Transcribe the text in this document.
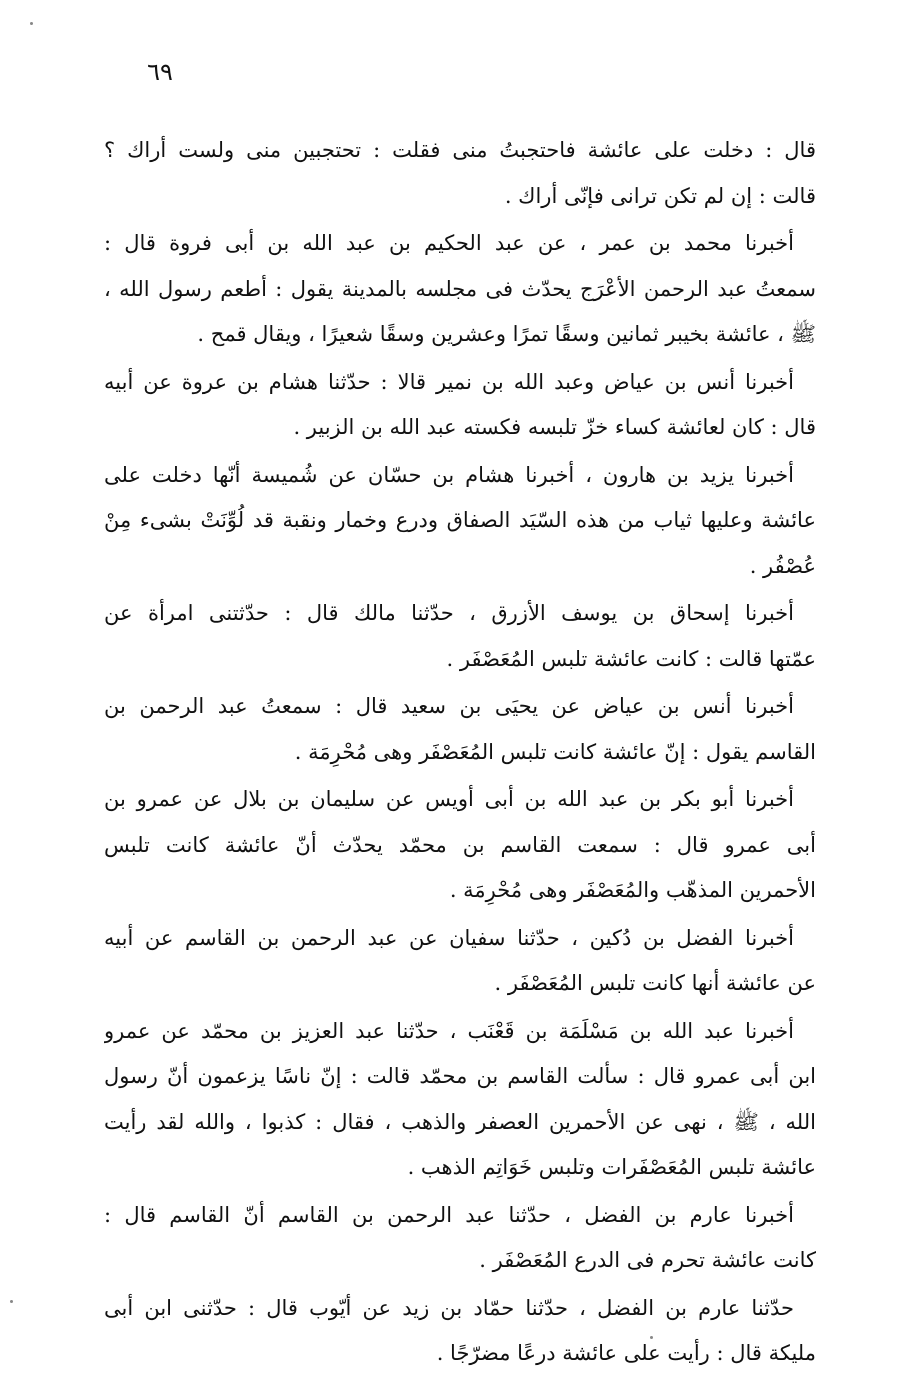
٦٩
قال : دخلت على عائشة فاحتجبتُ منى فقلت : تحتجبين منى ولست أراك ؟
قالت : إن لم تكن ترانى فإنّى أراك .
أخبرنا محمد بن عمر ، عن عبد الحكيم بن عبد الله بن أبى فروة قال :
سمعتُ عبد الرحمن الأعْرَج يحدّث فى مجلسه بالمدينة يقول : أطعم رسول الله ،
ﷺ ، عائشة بخيبر ثمانين وسقًا تمرًا وعشرين وسقًا شعيرًا ، ويقال قمح .
أخبرنا أنس بن عياض وعبد الله بن نمير قالا : حدّثنا هشام بن عروة عن أبيه
قال : كان لعائشة كساء خزّ تلبسه فكسته عبد الله بن الزبير .
أخبرنا يزيد بن هارون ، أخبرنا هشام بن حسّان عن شُميسة أنّها دخلت على
عائشة وعليها ثياب من هذه السّيَد الصفاق ودرع وخمار ونقبة قد لُوِّنَتْ بشىء مِنْ
عُصْفُر .
أخبرنا إسحاق بن يوسف الأزرق ، حدّثنا مالك قال : حدّثتنى امرأة عن
عمّتها قالت : كانت عائشة تلبس المُعَصْفَر .
أخبرنا أنس بن عياض عن يحيَى بن سعيد قال : سمعتُ عبد الرحمن بن
القاسم يقول : إنّ عائشة كانت تلبس المُعَصْفَر وهى مُحْرِمَة .
أخبرنا أبو بكر بن عبد الله بن أبى أويس عن سليمان بن بلال عن عمرو بن
أبى عمرو قال : سمعت القاسم بن محمّد يحدّث أنّ عائشة كانت تلبس
الأحمرين المذهّب والمُعَصْفَر وهى مُحْرِمَة .
أخبرنا الفضل بن دُكين ، حدّثنا سفيان عن عبد الرحمن بن القاسم عن أبيه
عن عائشة أنها كانت تلبس المُعَصْفَر .
أخبرنا عبد الله بن مَسْلَمَة بن قَعْنَب ، حدّثنا عبد العزيز بن محمّد عن عمرو
ابن أبى عمرو قال : سألت القاسم بن محمّد قالت : إنّ ناسًا يزعمون أنّ رسول
الله ، ﷺ ، نهى عن الأحمرين العصفر والذهب ، فقال : كذبوا ، والله لقد رأيت
عائشة تلبس المُعَصْفَرات وتلبس خَوَاتِم الذهب .
أخبرنا عارم بن الفضل ، حدّثنا عبد الرحمن بن القاسم أنّ القاسم قال :
كانت عائشة تحرم فى الدرع المُعَصْفَر .
حدّثنا عارم بن الفضل ، حدّثنا حمّاد بن زيد عن أيّوب قال : حدّثنى ابن أبى
مليكة قال : رأيت على عائشة درعًا مضرّجًا .
